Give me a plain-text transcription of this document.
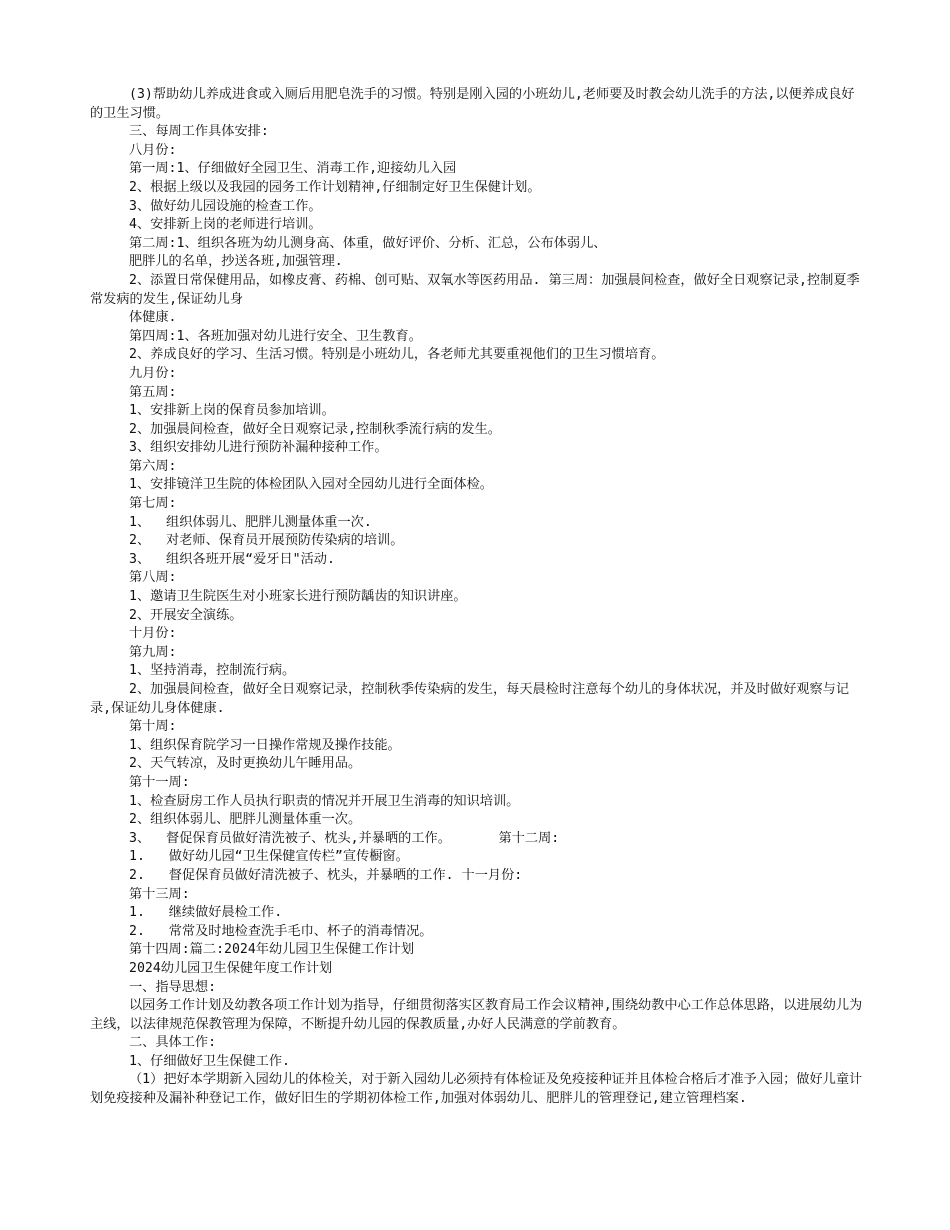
(3)帮助幼儿养成进食或入厕后用肥皂洗手的习惯。特别是刚入园的小班幼儿,老师要及时教会幼儿洗手的方法,以便养成良好的卫生习惯。

三、每周工作具体安排:

八月份:

第一周:1、仔细做好全园卫生、消毒工作,迎接幼儿入园

2、根据上级以及我园的园务工作计划精神,仔细制定好卫生保健计划。

3、做好幼儿园设施的检查工作。

4、安排新上岗的老师进行培训。

第二周:1、组织各班为幼儿测身高、体重，做好评价、分析、汇总，公布体弱儿、

肥胖儿的名单，抄送各班,加强管理.

2、添置日常保健用品，如橡皮膏、药棉、创可贴、双氧水等医药用品. 第三周：加强晨间检查，做好全日观察记录,控制夏季常发病的发生,保证幼儿身

体健康.

第四周:1、各班加强对幼儿进行安全、卫生教育。

2、养成良好的学习、生活习惯。特别是小班幼儿，各老师尤其要重视他们的卫生习惯培育。

九月份:

第五周:

1、安排新上岗的保育员参加培训。

2、加强晨间检查，做好全日观察记录,控制秋季流行病的发生。

3、组织安排幼儿进行预防补漏种接种工作。

第六周:

1、安排镜洋卫生院的体检团队入园对全园幼儿进行全面体检。

第七周:

1、  组织体弱儿、肥胖儿测量体重一次.

2、  对老师、保育员开展预防传染病的培训。

3、  组织各班开展“爱牙日"活动.

第八周:

1、邀请卫生院医生对小班家长进行预防龋齿的知识讲座。

2、开展安全演练。

十月份:

第九周:

1、坚持消毒，控制流行病。

2、加强晨间检查，做好全日观察记录，控制秋季传染病的发生，每天晨检时注意每个幼儿的身体状况，并及时做好观察与记录,保证幼儿身体健康.

第十周:

1、组织保育院学习一日操作常规及操作技能。

2、天气转凉，及时更换幼儿午睡用品。

第十一周:

1、检查厨房工作人员执行职责的情况并开展卫生消毒的知识培训。

2、组织体弱儿、肥胖儿测量体重一次。

3、  督促保育员做好清洗被子、枕头,并暴晒的工作。      第十二周:

1.   做好幼儿园“卫生保健宣传栏”宣传橱窗。

2.   督促保育员做好清洗被子、枕头，并暴晒的工作. 十一月份:

第十三周:

1.   继续做好晨检工作.

2.   常常及时地检查洗手毛巾、杯子的消毒情况。

第十四周:篇二:2024年幼儿园卫生保健工作计划

2024幼儿园卫生保健年度工作计划

一、指导思想:

以园务工作计划及幼教各项工作计划为指导，仔细贯彻落实区教育局工作会议精神,围绕幼教中心工作总体思路，以进展幼儿为主线，以法律规范保教管理为保障，不断提升幼儿园的保教质量,办好人民满意的学前教育。

二、具体工作:

1、仔细做好卫生保健工作.

（1）把好本学期新入园幼儿的体检关，对于新入园幼儿必须持有体检证及免疫接种证并且体检合格后才准予入园；做好儿童计划免疫接种及漏补种登记工作，做好旧生的学期初体检工作,加强对体弱幼儿、肥胖儿的管理登记,建立管理档案.
